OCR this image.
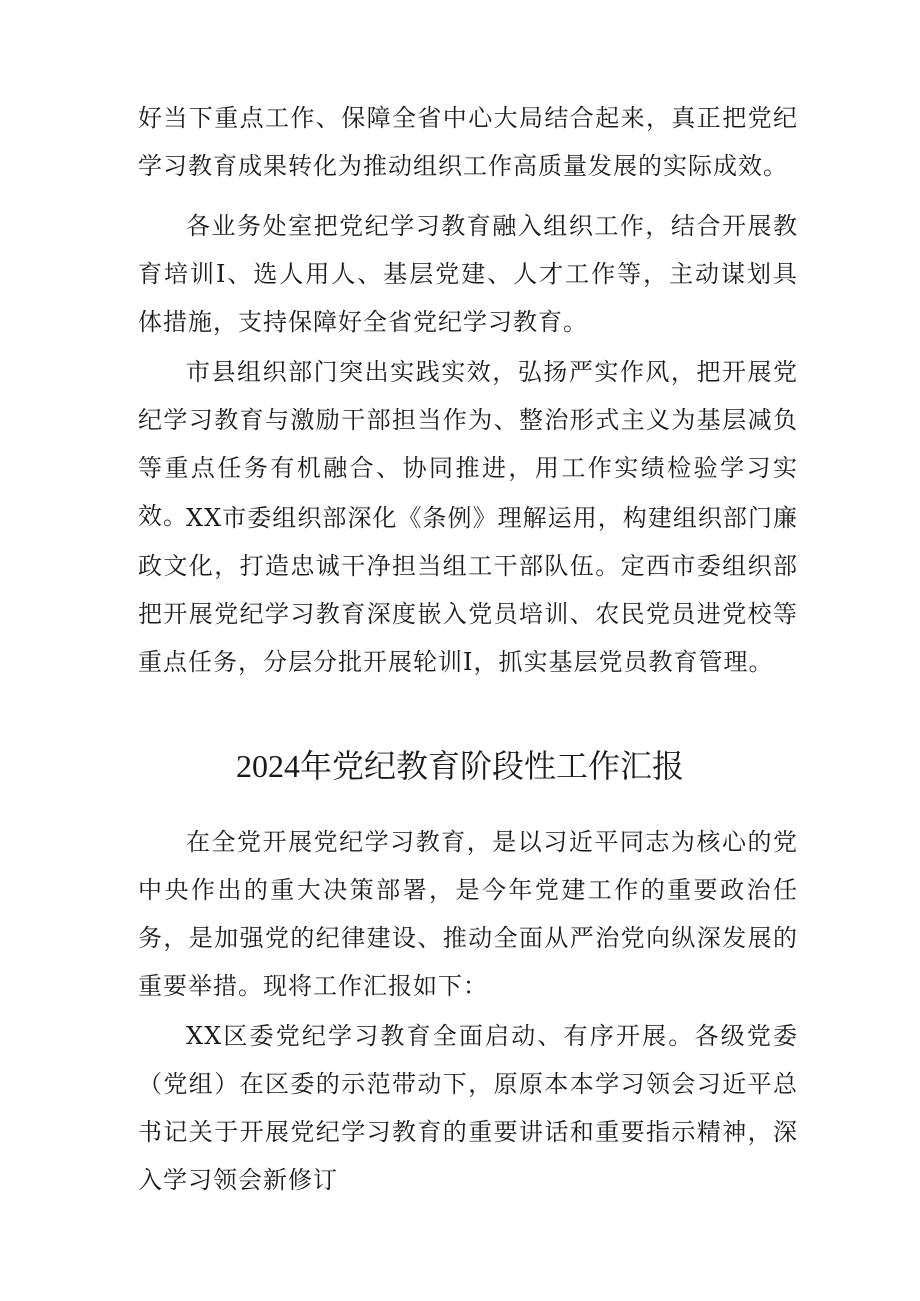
好当下重点工作、保障全省中心大局结合起来，真正把党纪学习教育成果转化为推动组织工作高质量发展的实际成效。

各业务处室把党纪学习教育融入组织工作，结合开展教育培训I、选人用人、基层党建、人才工作等，主动谋划具体措施，支持保障好全省党纪学习教育。

市县组织部门突出实践实效，弘扬严实作风，把开展党纪学习教育与激励干部担当作为、整治形式主义为基层减负等重点任务有机融合、协同推进，用工作实绩检验学习实效。

XX市委组织部深化《条例》理解运用，构建组织部门廉政文化，打造忠诚干净担当组工干部队伍。定西市委组织部把开展党纪学习教育深度嵌入党员培训、农民党员进党校等重点任务，分层分批开展轮训I，抓实基层党员教育管理。

2024年党纪教育阶段性工作汇报

在全党开展党纪学习教育，是以习近平同志为核心的党中央作出的重大决策部署，是今年党建工作的重要政治任务，是加强党的纪律建设、推动全面从严治党向纵深发展的重要举措。现将工作汇报如下：

XX区委党纪学习教育全面启动、有序开展。各级党委（党组）在区委的示范带动下，原原本本学习领会习近平总书记关于开展党纪学习教育的重要讲话和重要指示精神，深入学习领会新修订
